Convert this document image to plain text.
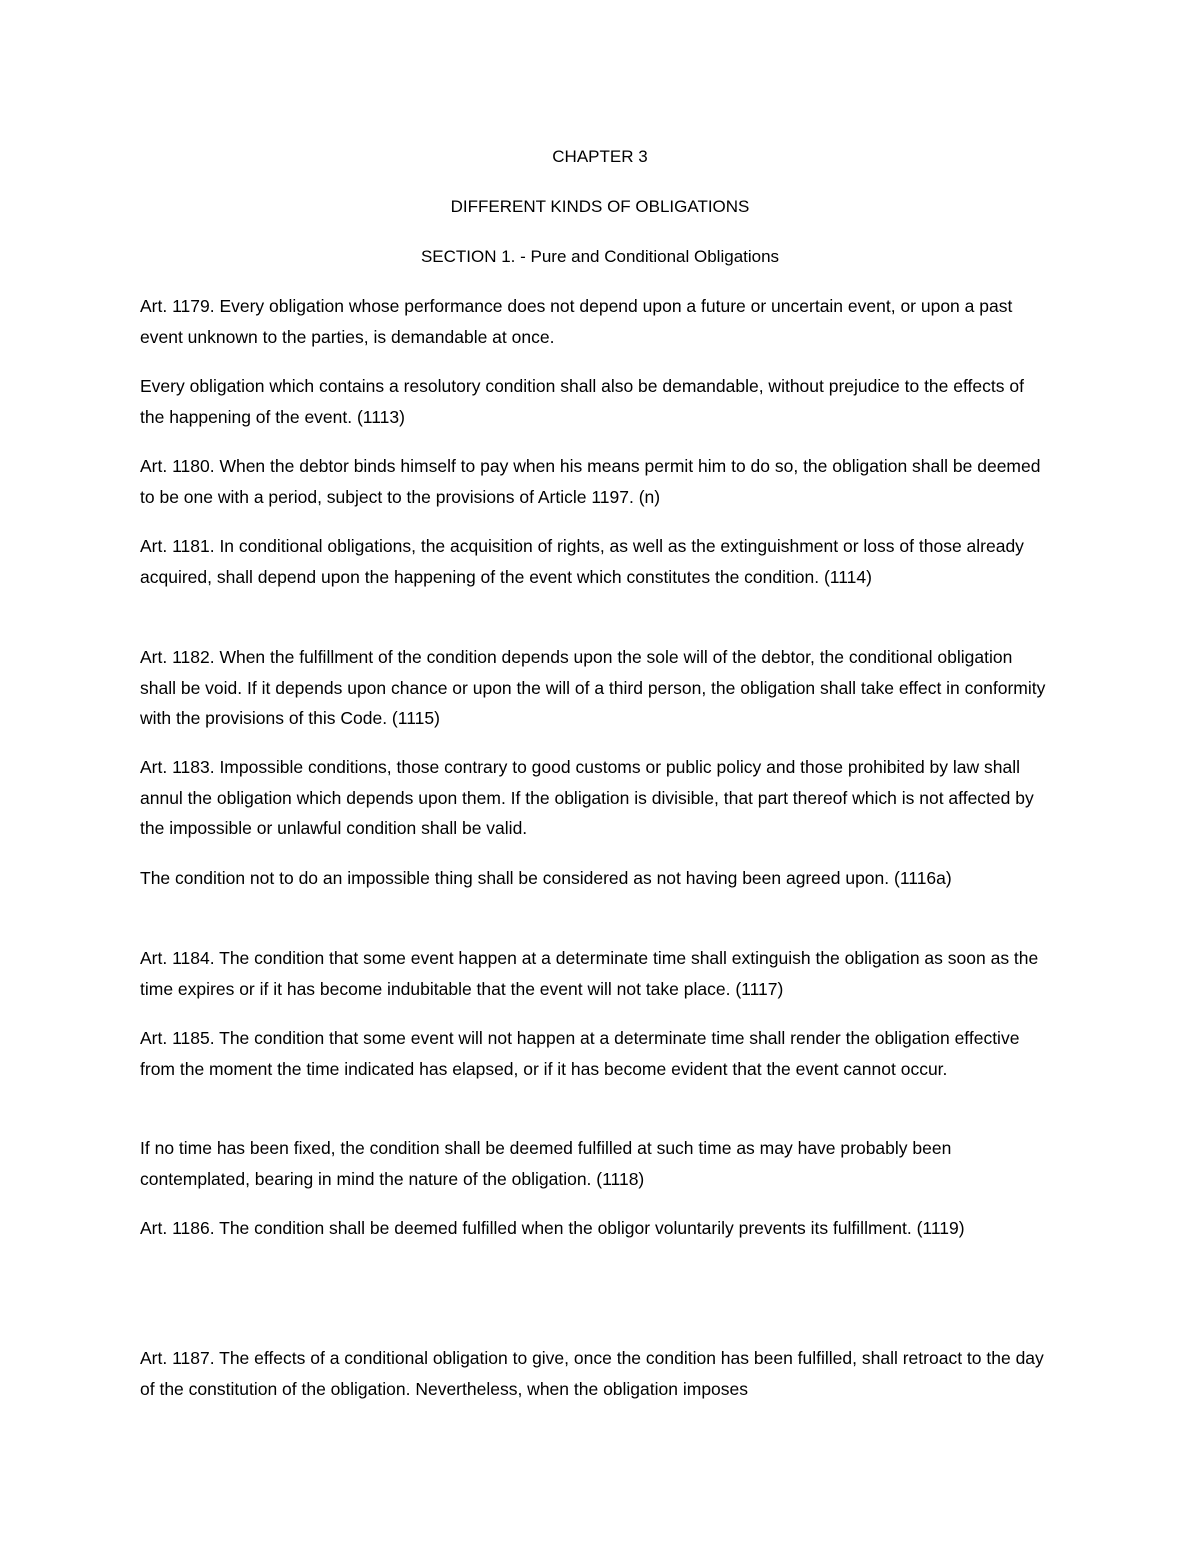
CHAPTER 3

DIFFERENT KINDS OF OBLIGATIONS

SECTION 1. - Pure and Conditional Obligations

Art. 1179. Every obligation whose performance does not depend upon a future or uncertain event, or upon a past event unknown to the parties, is demandable at once.

Every obligation which contains a resolutory condition shall also be demandable, without prejudice to the effects of the happening of the event. (1113)

Art. 1180. When the debtor binds himself to pay when his means permit him to do so, the obligation shall be deemed to be one with a period, subject to the provisions of Article 1197. (n)

Art. 1181. In conditional obligations, the acquisition of rights, as well as the extinguishment or loss of those already acquired, shall depend upon the happening of the event which constitutes the condition. (1114)

Art. 1182. When the fulfillment of the condition depends upon the sole will of the debtor, the conditional obligation shall be void. If it depends upon chance or upon the will of a third person, the obligation shall take effect in conformity with the provisions of this Code. (1115)

Art. 1183. Impossible conditions, those contrary to good customs or public policy and those prohibited by law shall annul the obligation which depends upon them. If the obligation is divisible, that part thereof which is not affected by the impossible or unlawful condition shall be valid.

The condition not to do an impossible thing shall be considered as not having been agreed upon. (1116a)

Art. 1184. The condition that some event happen at a determinate time shall extinguish the obligation as soon as the time expires or if it has become indubitable that the event will not take place. (1117)

Art. 1185. The condition that some event will not happen at a determinate time shall render the obligation effective from the moment the time indicated has elapsed, or if it has become evident that the event cannot occur.

If no time has been fixed, the condition shall be deemed fulfilled at such time as may have probably been contemplated, bearing in mind the nature of the obligation. (1118)

Art. 1186. The condition shall be deemed fulfilled when the obligor voluntarily prevents its fulfillment. (1119)

Art. 1187. The effects of a conditional obligation to give, once the condition has been fulfilled, shall retroact to the day of the constitution of the obligation. Nevertheless, when the obligation imposes
